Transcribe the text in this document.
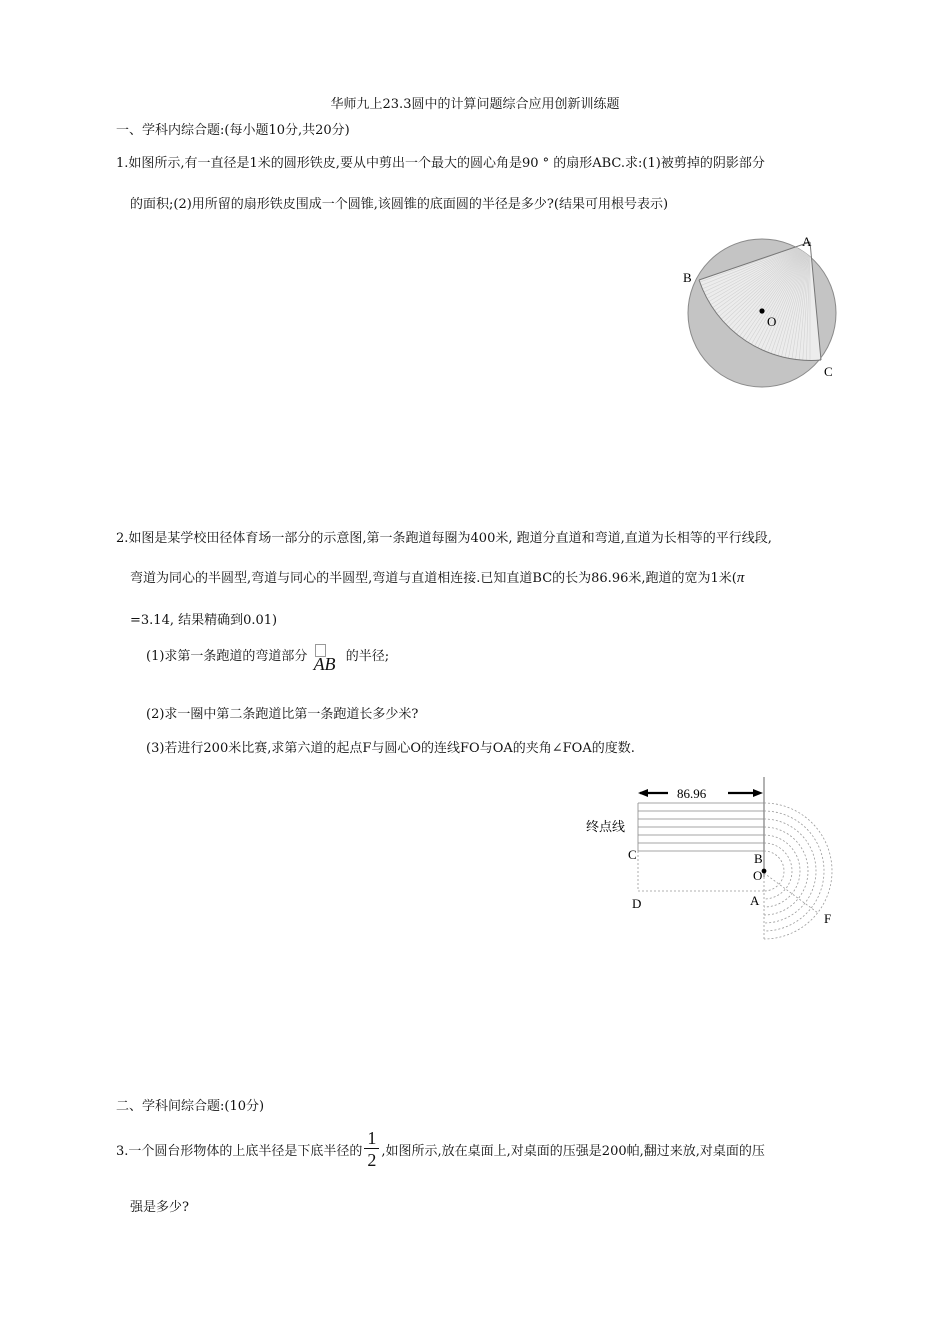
华师九上23.3圆中的计算问题综合应用创新训练题
一、学科内综合题:(每小题10分,共20分)
1.如图所示,有一直径是1米的圆形铁皮,要从中剪出一个最大的圆心角是90 ° 的扇形ABC.求:(1)被剪掉的阴影部分
的面积;(2)用所留的扇形铁皮围成一个圆锥,该圆锥的底面圆的半径是多少?(结果可用根号表示)
A
B
C
O
2.如图是某学校田径体育场一部分的示意图,第一条跑道每圈为400米, 跑道分直道和弯道,直道为长相等的平行线段,
弯道为同心的半圆型,弯道与同心的半圆型,弯道与直道相连接.已知直道BC的长为86.96米,跑道的宽为1米(π
=3.14, 结果精确到0.01)
(1)求第一条跑道的弯道部分 AB 的半径;
(2)求一圈中第二条跑道比第一条跑道长多少米?
(3)若进行200米比赛,求第六道的起点F与圆心O的连线FO与OA的夹角∠FOA的度数.
86.96
终点线
C	B
O
D	A
F
二、学科间综合题:(10分)
3.一个圆台形物体的上底半径是下底半径的 $\frac{1}{2}$ ,如图所示,放在桌面上,对桌面的压强是200帕,翻过来放,对桌面的压
强是多少?
